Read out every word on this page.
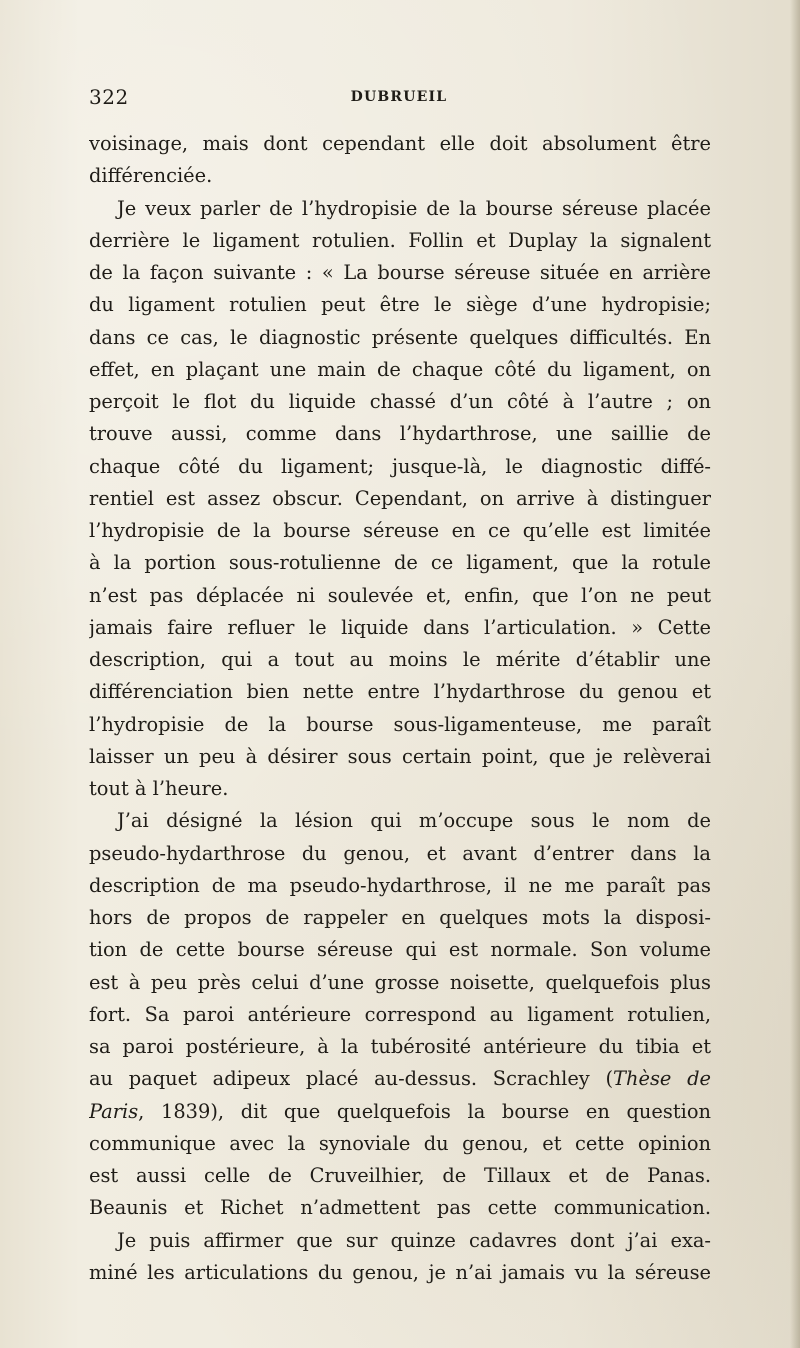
322	DUBRUEIL
voisinage, mais dont cependant elle doit absolument être
différenciée.
Je veux parler de l’hydropisie de la bourse séreuse placée
derrière le ligament rotulien. Follin et Duplay la signalent
de la façon suivante : « La bourse séreuse située en arrière
du ligament rotulien peut être le siège d’une hydropisie;
dans ce cas, le diagnostic présente quelques difficultés. En
effet, en plaçant une main de chaque côté du ligament, on
perçoit le flot du liquide chassé d’un côté à l’autre ; on
trouve aussi, comme dans l’hydarthrose, une saillie de
chaque côté du ligament; jusque-là, le diagnostic diffé-
rentiel est assez obscur. Cependant, on arrive à distinguer
l’hydropisie de la bourse séreuse en ce qu’elle est limitée
à la portion sous-rotulienne de ce ligament, que la rotule
n’est pas déplacée ni soulevée et, enfin, que l’on ne peut
jamais faire refluer le liquide dans l’articulation. » Cette
description, qui a tout au moins le mérite d’établir une
différenciation bien nette entre l’hydarthrose du genou et
l’hydropisie de la bourse sous-ligamenteuse, me paraît
laisser un peu à désirer sous certain point, que je relèverai
tout à l’heure.
J’ai désigné la lésion qui m’occupe sous le nom de
pseudo-hydarthrose du genou, et avant d’entrer dans la
description de ma pseudo-hydarthrose, il ne me paraît pas
hors de propos de rappeler en quelques mots la disposi-
tion de cette bourse séreuse qui est normale. Son volume
est à peu près celui d’une grosse noisette, quelquefois plus
fort. Sa paroi antérieure correspond au ligament rotulien,
sa paroi postérieure, à la tubérosité antérieure du tibia et
au paquet adipeux placé au-dessus. Scrachley (Thèse de
Paris, 1839), dit que quelquefois la bourse en question
communique avec la synoviale du genou, et cette opinion
est aussi celle de Cruveilhier, de Tillaux et de Panas.
Beaunis et Richet n’admettent pas cette communication.
Je puis affirmer que sur quinze cadavres dont j’ai exa-
miné les articulations du genou, je n’ai jamais vu la séreuse
